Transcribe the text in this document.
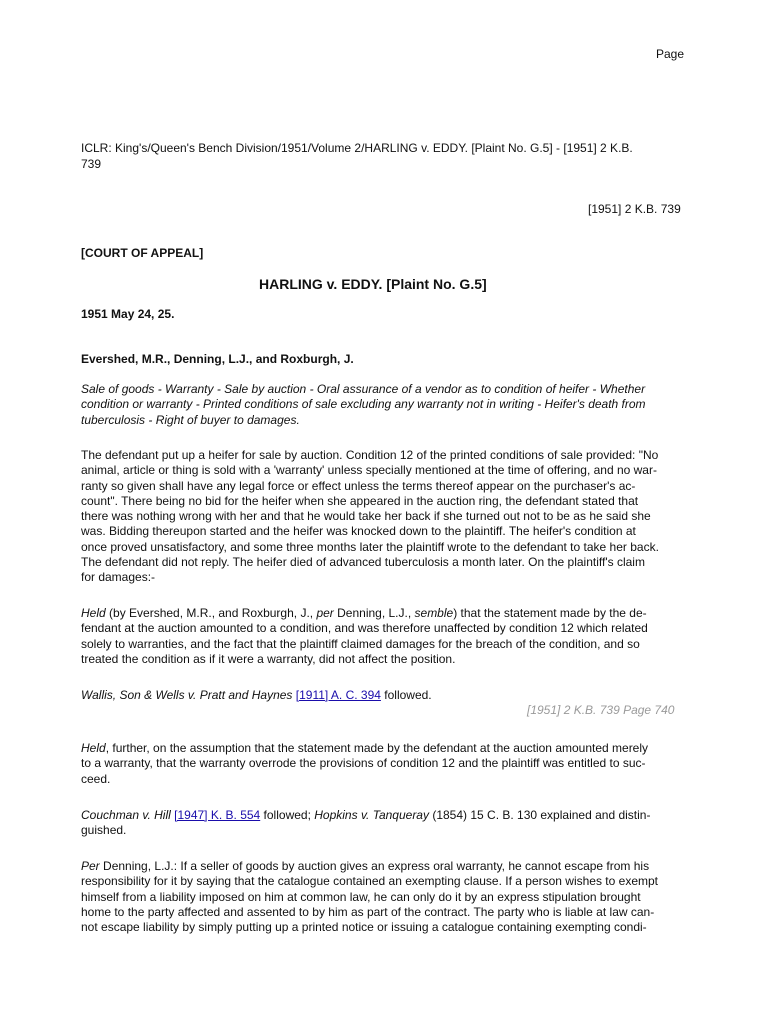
Page
ICLR: King's/Queen's Bench Division/1951/Volume 2/HARLING v. EDDY. [Plaint No. G.5] - [1951] 2 K.B.
739
[1951] 2 K.B. 739
[COURT OF APPEAL]
HARLING v. EDDY. [Plaint No. G.5]
1951 May 24, 25.
Evershed, M.R., Denning, L.J., and Roxburgh, J.

Sale of goods - Warranty - Sale by auction - Oral assurance of a vendor as to condition of heifer - Whether

condition or warranty - Printed conditions of sale excluding any warranty not in writing - Heifer's death from

tuberculosis - Right of buyer to damages.

The defendant put up a heifer for sale by auction. Condition 12 of the printed conditions of sale provided: "No

animal, article or thing is sold with a 'warranty' unless specially mentioned at the time of offering, and no war-

ranty so given shall have any legal force or effect unless the terms thereof appear on the purchaser's ac-

count". There being no bid for the heifer when she appeared in the auction ring, the defendant stated that

there was nothing wrong with her and that he would take her back if she turned out not to be as he said she

was. Bidding thereupon started and the heifer was knocked down to the plaintiff. The heifer's condition at

once proved unsatisfactory, and some three months later the plaintiff wrote to the defendant to take her back.

The defendant did not reply. The heifer died of advanced tuberculosis a month later. On the plaintiff's claim

for damages:-

Held (by Evershed, M.R., and Roxburgh, J., per Denning, L.J., semble) that the statement made by the de-

fendant at the auction amounted to a condition, and was therefore unaffected by condition 12 which related

solely to warranties, and the fact that the plaintiff claimed damages for the breach of the condition, and so

treated the condition as if it were a warranty, did not affect the position.

Wallis, Son & Wells v. Pratt and Haynes [1911] A. C. 394 followed.
[1951] 2 K.B. 739 Page 740

Held, further, on the assumption that the statement made by the defendant at the auction amounted merely

to a warranty, that the warranty overrode the provisions of condition 12 and the plaintiff was entitled to suc-

ceed.

Couchman v. Hill [1947] K. B. 554 followed; Hopkins v. Tanqueray (1854) 15 C. B. 130 explained and distin-

guished.

Per Denning, L.J.: If a seller of goods by auction gives an express oral warranty, he cannot escape from his

responsibility for it by saying that the catalogue contained an exempting clause. If a person wishes to exempt

himself from a liability imposed on him at common law, he can only do it by an express stipulation brought

home to the party affected and assented to by him as part of the contract. The party who is liable at law can-

not escape liability by simply putting up a printed notice or issuing a catalogue containing exempting condi-
